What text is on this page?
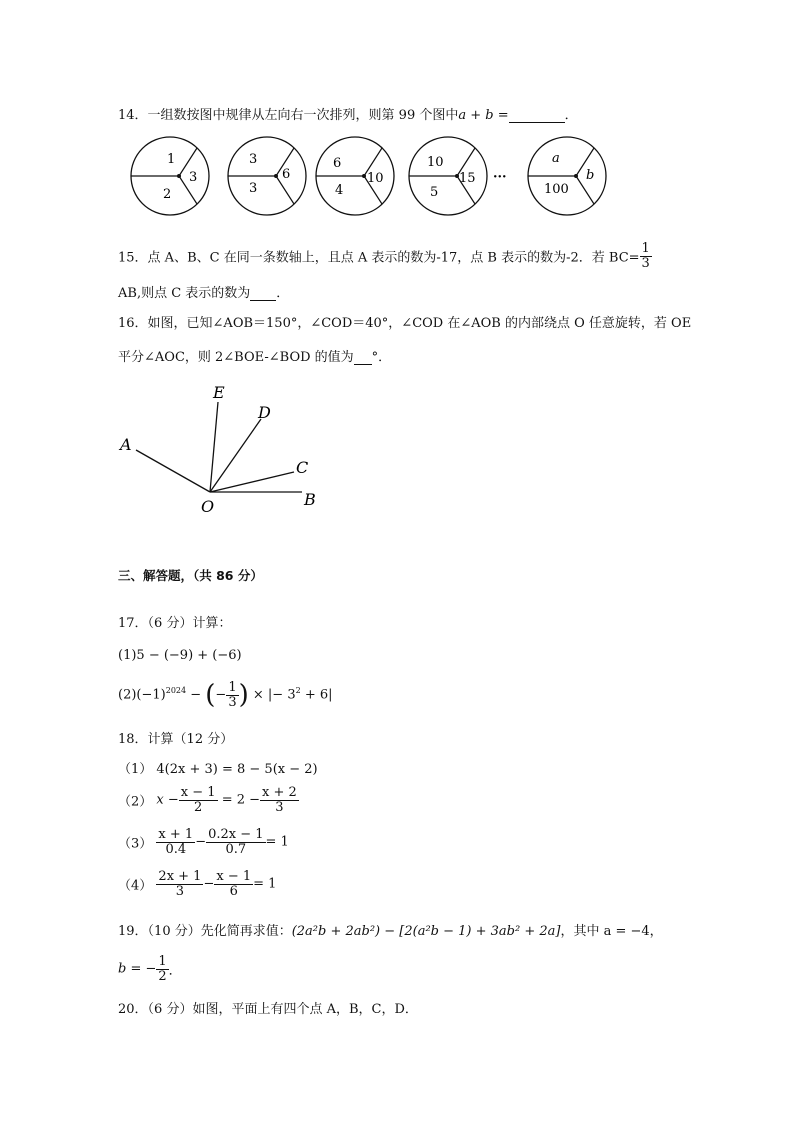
14．一组数按图中规律从左向右一次排列，则第 99 个图中a + b =	．
1
2
3
3
3
6
6
4
10
10
5
15 ···
a
100
b
15．点 A、B、C 在同一条数轴上，且点 A 表示的数为-17，点 B 表示的数为-2．若 $BC= \frac{1}{3}$
AB,则点 C 表示的数为 ．
16．如图，已知∠AOB＝150°，∠COD＝40°，∠COD 在∠AOB 的内部绕点 O 任意旋转，若 OE
平分∠AOC，则 2∠BOE-∠BOD 的值为 °．
A
E
D
C
B
O
三、解答题，（共 86 分）
17．（6 分）计算：
(1)5 − (−9) + (−6)
$(2)(-1)^{2024}$ − (− $\frac{1}{3}$ ) × |− $3^2 + 6|$
18．计算（12 分）
（1） 4(2x + 3) = 8 − 5(x − 2)
（2） $x - \frac{x - 1}{2} = 2 - \frac{x + 2}{3}$
$(3) \frac{x + 1}{0.4} - \frac{0.2x - 1}{0.7} = 1$
$(4) \frac{2x + 1}{3} - \frac{x - 1}{6} = 1$
19．（10 分）先化简再求值：(2a²b + 2ab²) − [2(a²b − 1) + 3ab² + 2a]，其中 a = −4，
b = − $\frac{1}{2}$ ．
20．（6 分）如图，平面上有四个点 A，B，C，D．
